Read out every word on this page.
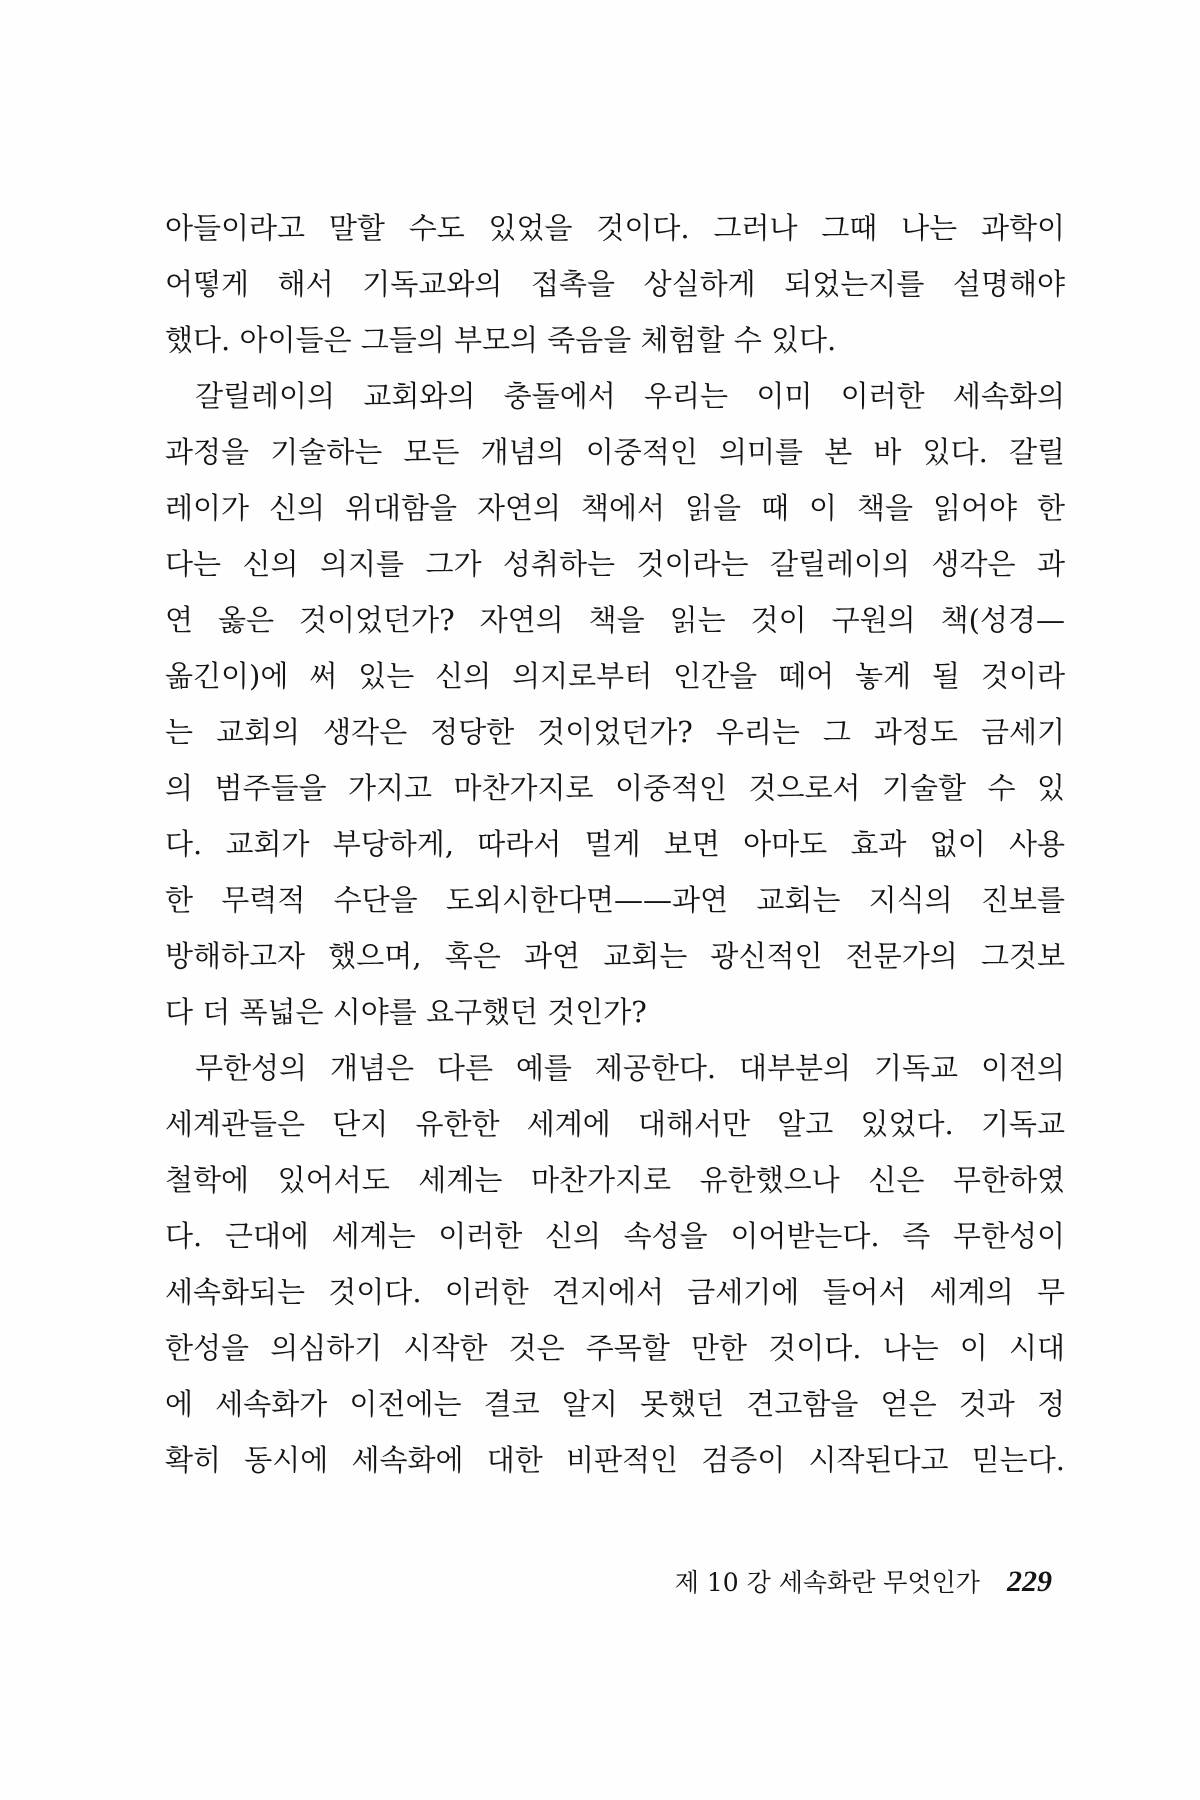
아들이라고 말할 수도 있었을 것이다. 그러나 그때 나는 과학이
어떻게 해서 기독교와의 접촉을 상실하게 되었는지를 설명해야
했다. 아이들은 그들의 부모의 죽음을 체험할 수 있다.

갈릴레이의 교회와의 충돌에서 우리는 이미 이러한 세속화의
과정을 기술하는 모든 개념의 이중적인 의미를 본 바 있다. 갈릴
레이가 신의 위대함을 자연의 책에서 읽을 때 이 책을 읽어야 한
다는 신의 의지를 그가 성취하는 것이라는 갈릴레이의 생각은 과
연 옳은 것이었던가? 자연의 책을 읽는 것이 구원의 책(성경—
옮긴이)에 써 있는 신의 의지로부터 인간을 떼어 놓게 될 것이라
는 교회의 생각은 정당한 것이었던가? 우리는 그 과정도 금세기
의 범주들을 가지고 마찬가지로 이중적인 것으로서 기술할 수 있
다. 교회가 부당하게, 따라서 멀게 보면 아마도 효과 없이 사용
한 무력적 수단을 도외시한다면——과연 교회는 지식의 진보를
방해하고자 했으며, 혹은 과연 교회는 광신적인 전문가의 그것보
다 더 폭넓은 시야를 요구했던 것인가?

무한성의 개념은 다른 예를 제공한다. 대부분의 기독교 이전의
세계관들은 단지 유한한 세계에 대해서만 알고 있었다. 기독교
철학에 있어서도 세계는 마찬가지로 유한했으나 신은 무한하였
다. 근대에 세계는 이러한 신의 속성을 이어받는다. 즉 무한성이
세속화되는 것이다. 이러한 견지에서 금세기에 들어서 세계의 무
한성을 의심하기 시작한 것은 주목할 만한 것이다. 나는 이 시대
에 세속화가 이전에는 결코 알지 못했던 견고함을 얻은 것과 정
확히 동시에 세속화에 대한 비판적인 검증이 시작된다고 믿는다.

제 10 강 세속화란 무엇인가 229
